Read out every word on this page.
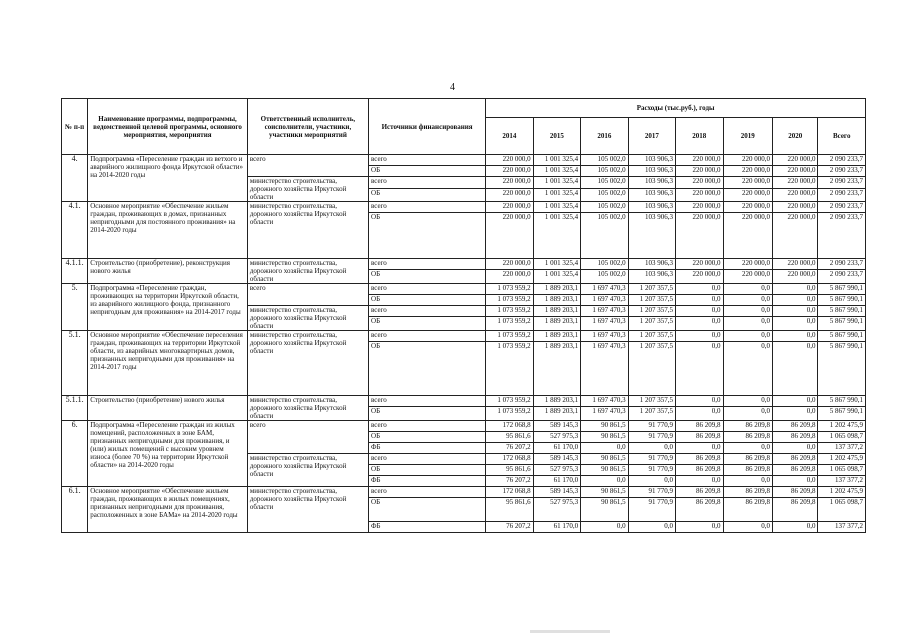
4
№ п-п	Наименование программы, подпрограммы, ведомственной целевой программы, основного мероприятия, мероприятия	Ответственный исполнитель, соисполнители, участники, участники мероприятий	Источники финансирования	Расходы (тыс.руб.), годы							
				2014	2015	2016	2017	2018	2019	2020	Всего
4.	Подпрограмма «Переселение граждан из ветхого и аварийного жилищного фонда Иркутской области» на 2014-2020 годы	всего	всего	220 000,0	1 001 325,4	105 002,0	103 906,3	220 000,0	220 000,0	220 000,0	2 090 233,7
			ОБ	220 000,0	1 001 325,4	105 002,0	103 906,3	220 000,0	220 000,0	220 000,0	2 090 233,7
		министерство строительства, дорожного хозяйства Иркутской области	всего	220 000,0	1 001 325,4	105 002,0	103 906,3	220 000,0	220 000,0	220 000,0	2 090 233,7
			ОБ	220 000,0	1 001 325,4	105 002,0	103 906,3	220 000,0	220 000,0	220 000,0	2 090 233,7
4.1.	Основное мероприятие «Обеспечение жильем граждан, проживающих в домах, признанных непригодными для постоянного проживания» на 2014-2020 годы	министерство строительства, дорожного хозяйства Иркутской области	всего	220 000,0	1 001 325,4	105 002,0	103 906,3	220 000,0	220 000,0	220 000,0	2 090 233,7
			ОБ	220 000,0	1 001 325,4	105 002,0	103 906,3	220 000,0	220 000,0	220 000,0	2 090 233,7
4.1.1.	Строительство (приобретение), реконструкция нового жилья	министерство строительства, дорожного хозяйства Иркутской области	всего	220 000,0	1 001 325,4	105 002,0	103 906,3	220 000,0	220 000,0	220 000,0	2 090 233,7
			ОБ	220 000,0	1 001 325,4	105 002,0	103 906,3	220 000,0	220 000,0	220 000,0	2 090 233,7
5.	Подпрограмма «Переселение граждан, проживающих на территории Иркутской области, из аварийного жилищного фонда, признанного непригодным для проживания» на 2014-2017 годы	всего	всего	1 073 959,2	1 889 203,1	1 697 470,3	1 207 357,5	0,0	0,0	0,0	5 867 990,1
			ОБ	1 073 959,2	1 889 203,1	1 697 470,3	1 207 357,5	0,0	0,0	0,0	5 867 990,1
		министерство строительства, дорожного хозяйства Иркутской области	всего	1 073 959,2	1 889 203,1	1 697 470,3	1 207 357,5	0,0	0,0	0,0	5 867 990,1
			ОБ	1 073 959,2	1 889 203,1	1 697 470,3	1 207 357,5	0,0	0,0	0,0	5 867 990,1
5.1.	Основное мероприятие «Обеспечение переселения граждан, проживающих на территории Иркутской области, из аварийных многоквартирных домов, признанных непригодными для проживания» на 2014-2017 годы	министерство строительства, дорожного хозяйства Иркутской области	всего	1 073 959,2	1 889 203,1	1 697 470,3	1 207 357,5	0,0	0,0	0,0	5 867 990,1
			ОБ	1 073 959,2	1 889 203,1	1 697 470,3	1 207 357,5	0,0	0,0	0,0	5 867 990,1
5.1.1.	Строительство (приобретение) нового жилья	министерство строительства, дорожного хозяйства Иркутской области	всего	1 073 959,2	1 889 203,1	1 697 470,3	1 207 357,5	0,0	0,0	0,0	5 867 990,1
			ОБ	1 073 959,2	1 889 203,1	1 697 470,3	1 207 357,5	0,0	0,0	0,0	5 867 990,1
6.	Подпрограмма «Переселение граждан из жилых помещений, расположенных в зоне БАМ, признанных непригодными для проживания, и (или) жилых помещений с высоким уровнем износа (более 70 %) на территории Иркутской области» на 2014-2020 годы	всего	всего	172 068,8	589 145,3	90 861,5	91 770,9	86 209,8	86 209,8	86 209,8	1 202 475,9
			ОБ	95 861,6	527 975,3	90 861,5	91 770,9	86 209,8	86 209,8	86 209,8	1 065 098,7
			ФБ	76 207,2	61 170,0	0,0	0,0	0,0	0,0	0,0	137 377,2
		министерство строительства, дорожного хозяйства Иркутской области	всего	172 068,8	589 145,3	90 861,5	91 770,9	86 209,8	86 209,8	86 209,8	1 202 475,9
			ОБ	95 861,6	527 975,3	90 861,5	91 770,9	86 209,8	86 209,8	86 209,8	1 065 098,7
			ФБ	76 207,2	61 170,0	0,0	0,0	0,0	0,0	0,0	137 377,2
6.1.	Основное мероприятие «Обеспечение жильем граждан, проживающих в жилых помещениях, признанных непригодными для проживания, расположенных в зоне БАМа» на 2014-2020 годы	министерство строительства, дорожного хозяйства Иркутской области	всего	172 068,8	589 145,3	90 861,5	91 770,9	86 209,8	86 209,8	86 209,8	1 202 475,9
			ОБ	95 861,6	527 975,3	90 861,5	91 770,9	86 209,8	86 209,8	86 209,8	1 065 098,7
			ФБ	76 207,2	61 170,0	0,0	0,0	0,0	0,0	0,0	137 377,2
